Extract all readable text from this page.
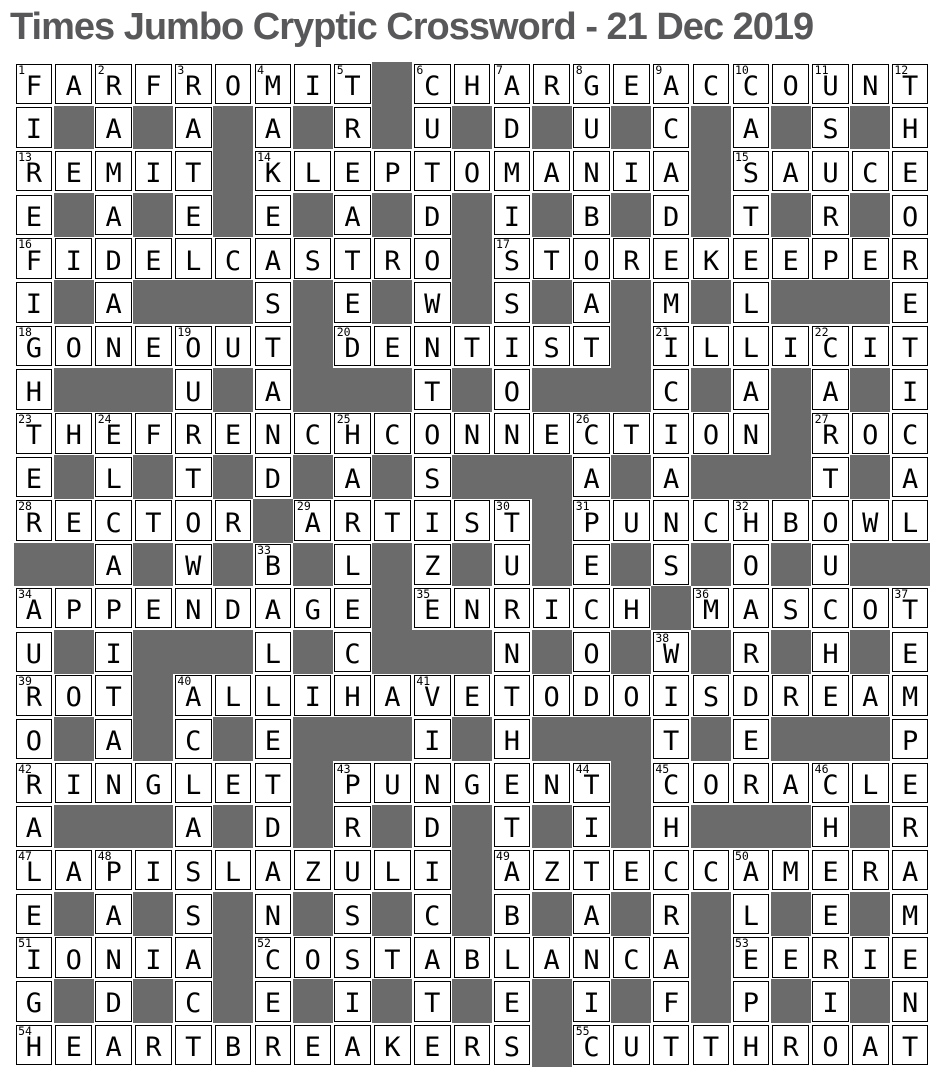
Times Jumbo Cryptic Crossword - 21 Dec 2019
1
F A
2
R F
3
R O
4
M I
5
T
6
C H
7
A R
8
G E
9
A C
10
C O
11
U N
12
T
I A A A R U D U C A S H
13
R E M I T
14
K L E P T O M A N I A
15
S A U C E
E A E E A D I B D T R O
16
F I D E L C A S T R O
17
S T O R E K E E P E R
I A	S E W S A M L	E
18
G O N E
19
O U T
20
D E N T I S T
21
I L L I
22
C I T
H	U A	T O	C A A I
23
T H
24
E F R E N C
25
H C O N N E
26
C T I O N
27
R O C
E L T D A S	A A	T A
28
R E C T O R
29
A R T I S
30
T
31
P U N C
32
H B O W L
A W
33
B L Z U E S O U
34
A P P E N D A G E
35
E N R I C H
36
M A S C O
37
T
U I	L C	N O
38
W R H E
39
R O T
40
A L L I H A
41
V E T O D O I S D R E A M
O A C E	I H	T E	P
42
R I N G L E T
43
P U N G E N
44
T
45
C O R A
46
C L E
A	A D R D T I H	H R
47
L A
48
P I S L A Z U L I
49
A Z T E C C
50
A M E R A
E A S N S C B A R L E M
51
I O N I A
52
C O S T A B L A N C A
53
E E R I E
G D C E I T E I F P I N
54
H E A R T B R E A K E R S
55
C U T T H R O A T
